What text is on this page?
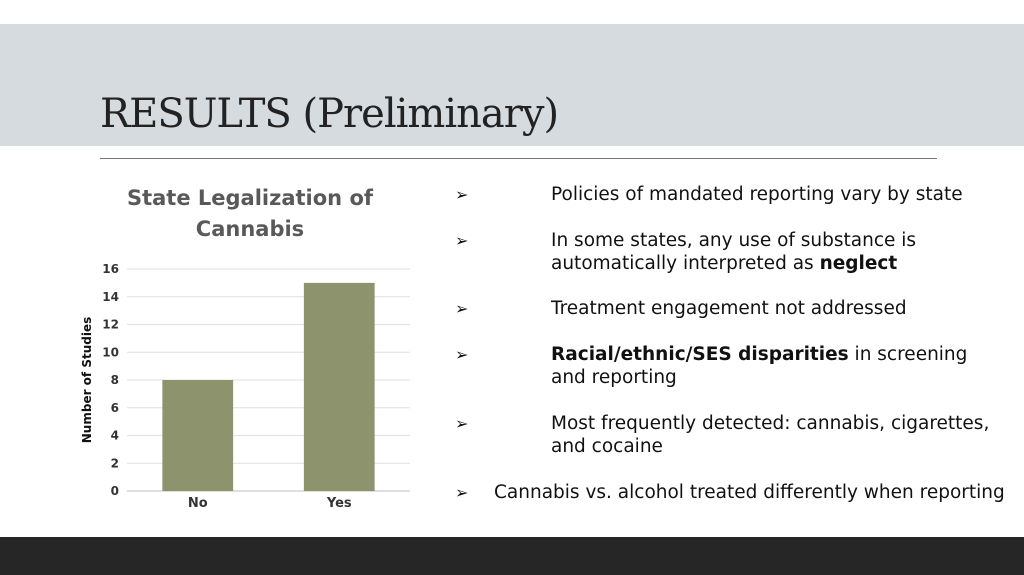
RESULTS (Preliminary)
State Legalization of Cannabis
0
2
4
6
8
10
12
14
16
No	Yes
Number of Studies
➢	Policies of mandated reporting vary by state
➢	In some states, any use of substance is automatically interpreted as neglect
➢	Treatment engagement not addressed
➢	Racial/ethnic/SES disparities in screening and reporting
➢	Most frequently detected: cannabis, cigarettes, and cocaine
➢	Cannabis vs. alcohol treated differently when reporting
